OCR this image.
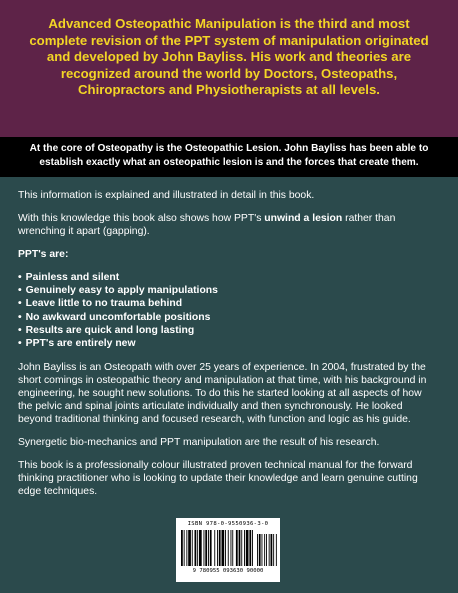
Advanced Osteopathic Manipulation is the third and most complete revision of the PPT system of manipulation originated and developed by John Bayliss. His work and theories are recognized around the world by Doctors, Osteopaths, Chiropractors and Physiotherapists at all levels.
At the core of Osteopathy is the Osteopathic Lesion. John Bayliss has been able to establish exactly what an osteopathic lesion is and the forces that create them.
This information is explained and illustrated in detail in this book.
With this knowledge this book also shows how PPT's unwind a lesion rather than wrenching it apart (gapping).
PPT's are:
• Painless and silent
• Genuinely easy to apply manipulations
• Leave little to no trauma behind
• No awkward uncomfortable positions
• Results are quick and long lasting
• PPT's are entirely new
John Bayliss is an Osteopath with over 25 years of experience. In 2004, frustrated by the short comings in osteopathic theory and manipulation at that time, with his background in engineering, he sought new solutions. To do this he started looking at all aspects of how the pelvic and spinal joints articulate individually and then synchronously. He looked beyond traditional thinking and focused research, with function and logic as his guide.
Synergetic bio-mechanics and PPT manipulation are the result of his research.
This book is a professionally colour illustrated proven technical manual for the forward thinking practitioner who is looking to update their knowledge and learn genuine cutting edge techniques.
ISBN 978-0-9550936-3-0
9 780955 093630 90000
